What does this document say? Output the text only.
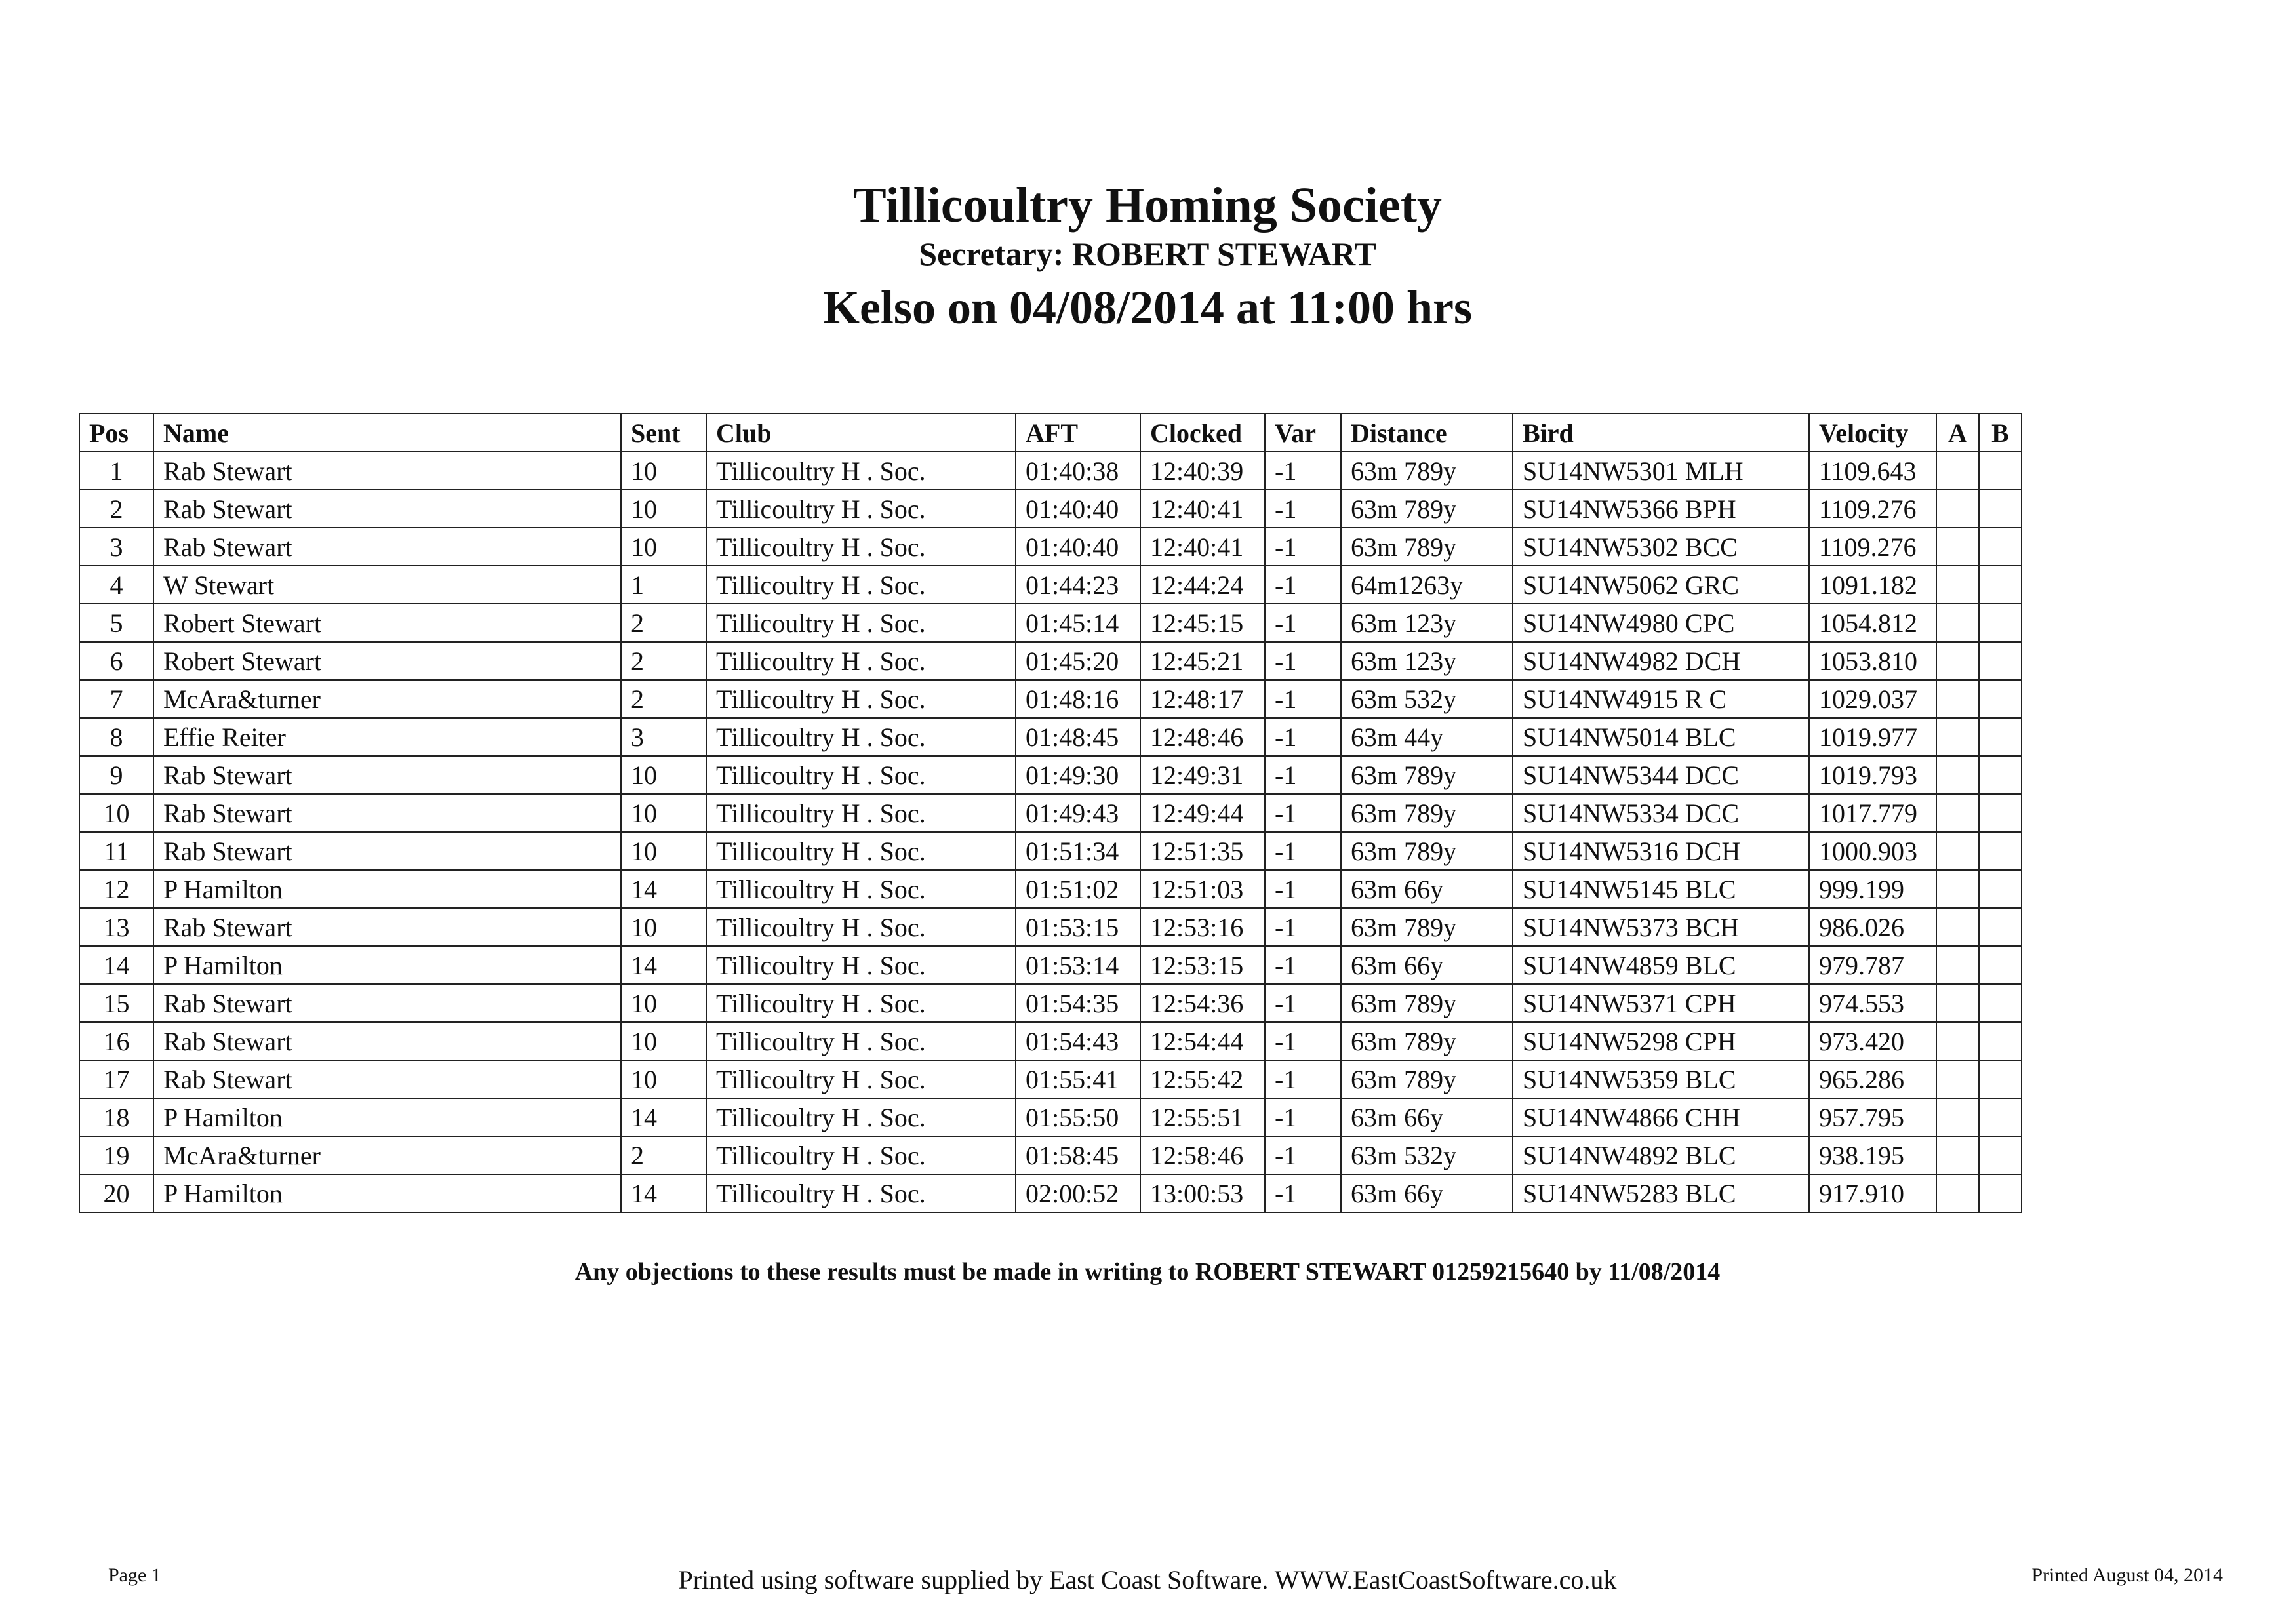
Tillicoultry Homing Society
Secretary: ROBERT STEWART
Kelso on 04/08/2014 at 11:00 hrs
Pos	Name	Sent	Club	AFT	Clocked	Var	Distance	Bird	Velocity	A	B
1	Rab Stewart	10	Tillicoultry H . Soc.	01:40:38	12:40:39	-1	63m 789y	SU14NW5301 MLH	1109.643		
2	Rab Stewart	10	Tillicoultry H . Soc.	01:40:40	12:40:41	-1	63m 789y	SU14NW5366 BPH	1109.276		
3	Rab Stewart	10	Tillicoultry H . Soc.	01:40:40	12:40:41	-1	63m 789y	SU14NW5302 BCC	1109.276		
4	W Stewart	1	Tillicoultry H . Soc.	01:44:23	12:44:24	-1	64m1263y	SU14NW5062 GRC	1091.182		
5	Robert Stewart	2	Tillicoultry H . Soc.	01:45:14	12:45:15	-1	63m 123y	SU14NW4980 CPC	1054.812		
6	Robert Stewart	2	Tillicoultry H . Soc.	01:45:20	12:45:21	-1	63m 123y	SU14NW4982 DCH	1053.810		
7	McAra&turner	2	Tillicoultry H . Soc.	01:48:16	12:48:17	-1	63m 532y	SU14NW4915 R C	1029.037		
8	Effie Reiter	3	Tillicoultry H . Soc.	01:48:45	12:48:46	-1	63m 44y	SU14NW5014 BLC	1019.977		
9	Rab Stewart	10	Tillicoultry H . Soc.	01:49:30	12:49:31	-1	63m 789y	SU14NW5344 DCC	1019.793		
10	Rab Stewart	10	Tillicoultry H . Soc.	01:49:43	12:49:44	-1	63m 789y	SU14NW5334 DCC	1017.779		
11	Rab Stewart	10	Tillicoultry H . Soc.	01:51:34	12:51:35	-1	63m 789y	SU14NW5316 DCH	1000.903		
12	P Hamilton	14	Tillicoultry H . Soc.	01:51:02	12:51:03	-1	63m 66y	SU14NW5145 BLC	999.199		
13	Rab Stewart	10	Tillicoultry H . Soc.	01:53:15	12:53:16	-1	63m 789y	SU14NW5373 BCH	986.026		
14	P Hamilton	14	Tillicoultry H . Soc.	01:53:14	12:53:15	-1	63m 66y	SU14NW4859 BLC	979.787		
15	Rab Stewart	10	Tillicoultry H . Soc.	01:54:35	12:54:36	-1	63m 789y	SU14NW5371 CPH	974.553		
16	Rab Stewart	10	Tillicoultry H . Soc.	01:54:43	12:54:44	-1	63m 789y	SU14NW5298 CPH	973.420		
17	Rab Stewart	10	Tillicoultry H . Soc.	01:55:41	12:55:42	-1	63m 789y	SU14NW5359 BLC	965.286		
18	P Hamilton	14	Tillicoultry H . Soc.	01:55:50	12:55:51	-1	63m 66y	SU14NW4866 CHH	957.795		
19	McAra&turner	2	Tillicoultry H . Soc.	01:58:45	12:58:46	-1	63m 532y	SU14NW4892 BLC	938.195		
20	P Hamilton	14	Tillicoultry H . Soc.	02:00:52	13:00:53	-1	63m 66y	SU14NW5283 BLC	917.910		
Any objections to these results must be made in writing to ROBERT STEWART 01259215640 by 11/08/2014
Page 1	Printed using software supplied by East Coast Software. WWW.EastCoastSoftware.co.uk	Printed August 04, 2014
